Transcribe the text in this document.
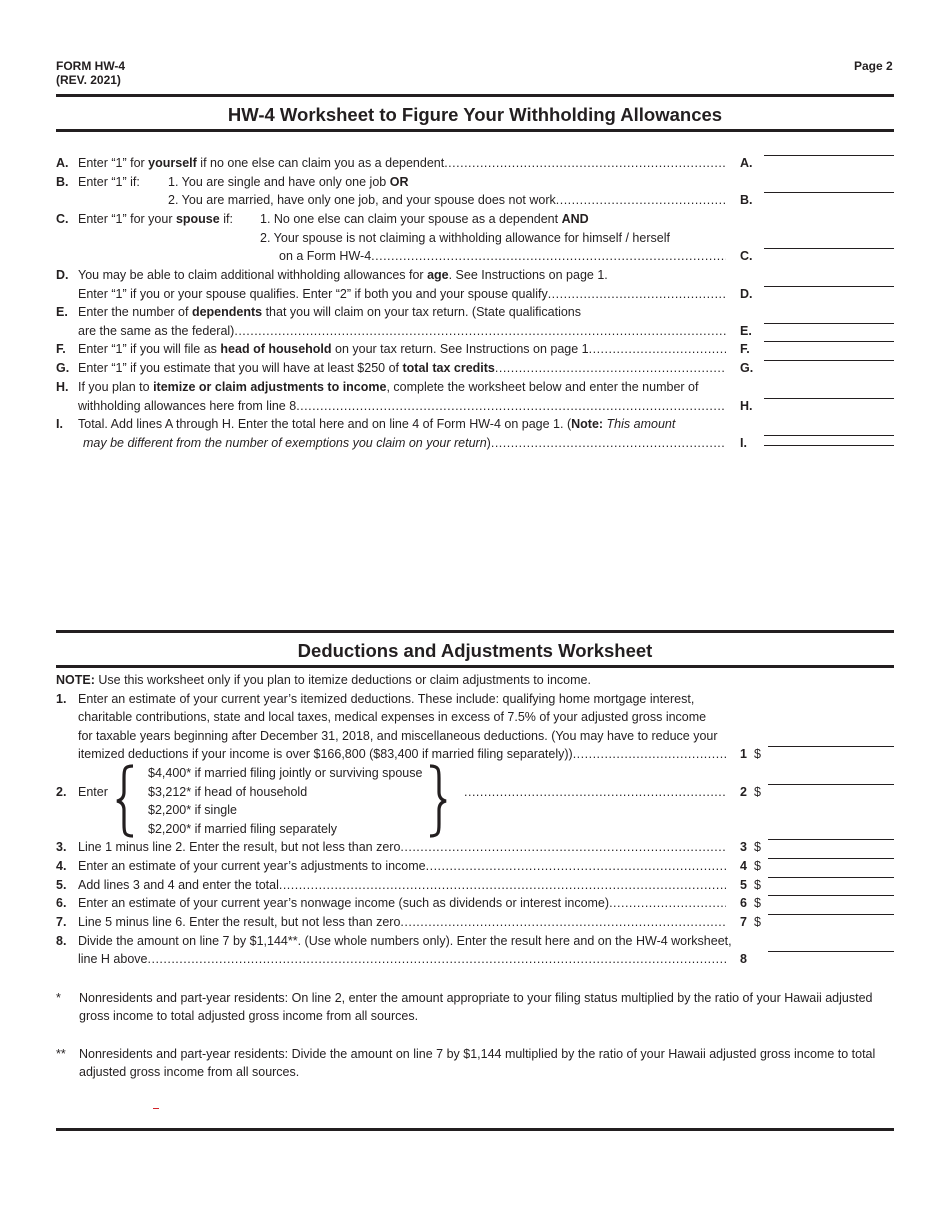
FORM HW-4
(REV. 2021)
Page 2
HW-4 Worksheet to Figure Your Withholding Allowances
A. Enter “1” for yourself if no one else can claim you as a dependent .....	A.
B. Enter “1” if: 1. You are single and have only one job OR
2. You are married, have only one job, and your spouse does not work .....	B.
C. Enter “1” for your spouse if: 1. No one else can claim your spouse as a dependent AND
2. Your spouse is not claiming a withholding allowance for himself / herself
on a Form HW-4 .....	C.
D. You may be able to claim additional withholding allowances for age. See Instructions on page 1.
Enter “1” if you or your spouse qualifies. Enter “2” if both you and your spouse qualify .....	D.
E. Enter the number of dependents that you will claim on your tax return. (State qualifications
are the same as the federal) .....	E.
F. Enter “1” if you will file as head of household on your tax return. See Instructions on page 1 .....	F.
G. Enter “1” if you estimate that you will have at least $250 of total tax credits .....	G.
H. If you plan to itemize or claim adjustments to income, complete the worksheet below and enter the number of
withholding allowances here from line 8 .....	H.
I. Total. Add lines A through H. Enter the total here and on line 4 of Form HW-4 on page 1. (Note: This amount
may be different from the number of exemptions you claim on your return) .....	I.
Deductions and Adjustments Worksheet
NOTE: Use this worksheet only if you plan to itemize deductions or claim adjustments to income.
1. Enter an estimate of your current year’s itemized deductions. These include: qualifying home mortgage interest,
charitable contributions, state and local taxes, medical expenses in excess of 7.5% of your adjusted gross income
for taxable years beginning after December 31, 2018, and miscellaneous deductions. (You may have to reduce your
itemized deductions if your income is over $166,800 ($83,400 if married filing separately)) .....	1 $
$4,400* if married filing jointly or surviving spouse
2. Enter	$3,212* if head of household .....	2 $
$2,200* if single
$2,200* if married filing separately
3. Line 1 minus line 2. Enter the result, but not less than zero .....	3 $
4. Enter an estimate of your current year’s adjustments to income .....	4 $
5. Add lines 3 and 4 and enter the total .....	5 $
6. Enter an estimate of your current year’s nonwage income (such as dividends or interest income) .....	6 $
7. Line 5 minus line 6. Enter the result, but not less than zero .....	7 $
8. Divide the amount on line 7 by $1,144**. (Use whole numbers only). Enter the result here and on the HW-4 worksheet,
line H above .....	8
* Nonresidents and part-year residents: On line 2, enter the amount appropriate to your filing status multiplied by the ratio of your Hawaii adjusted gross income to total adjusted gross income from all sources.
** Nonresidents and part-year residents: Divide the amount on line 7 by $1,144 multiplied by the ratio of your Hawaii adjusted gross income to total adjusted gross income from all sources.
